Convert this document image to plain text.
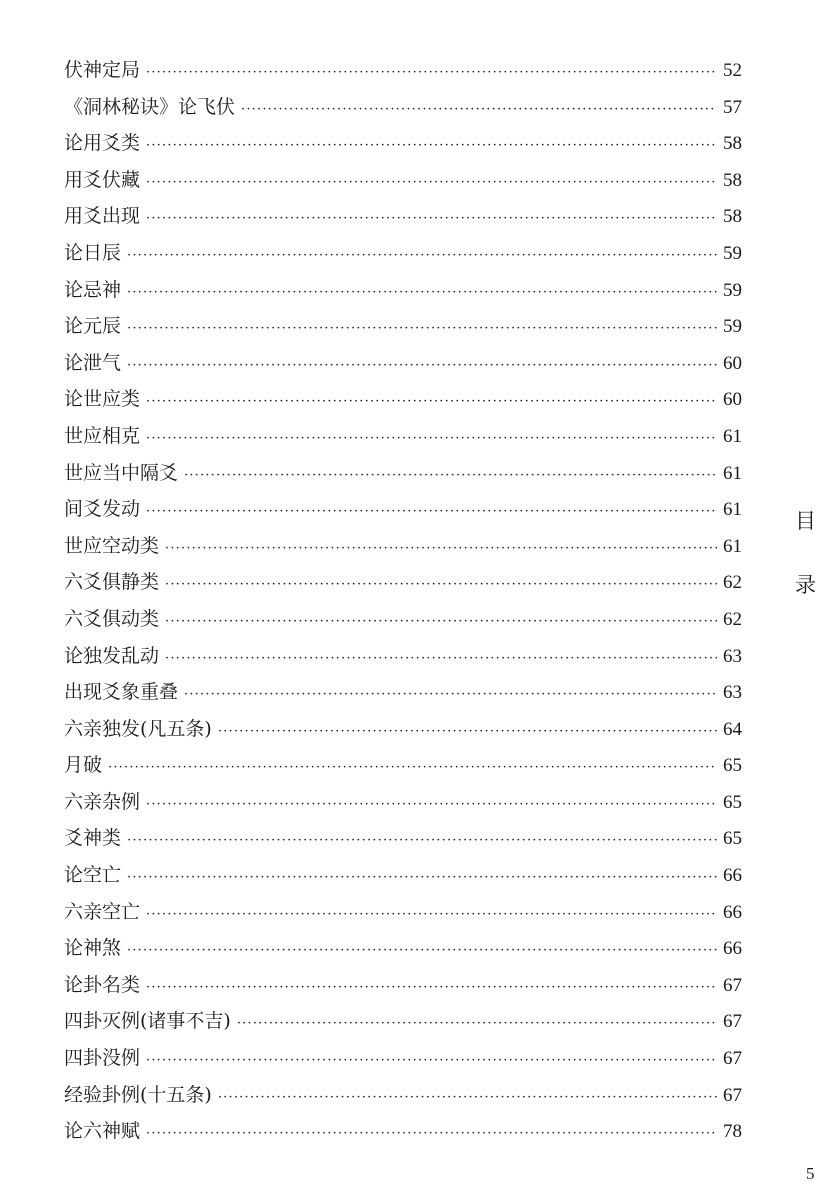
伏神定局 ·····	52
《洞林秘诀》论飞伏 ·····	57
论用爻类 ·····	58
用爻伏藏 ·····	58
用爻出现 ·····	58
论日辰 ·····	59
论忌神 ·····	59
论元辰 ·····	59
论泄气 ·····	60
论世应类 ·····	60
世应相克 ·····	61
世应当中隔爻 ·····	61
间爻发动 ·····	61
世应空动类 ·····	61
六爻俱静类 ·····	62
六爻俱动类 ·····	62
论独发乱动 ·····	63
出现爻象重叠 ·····	63
六亲独发(凡五条) ·····	64
月破 ·····	65
六亲杂例 ·····	65
爻神类 ·····	65
论空亡 ·····	66
六亲空亡 ·····	66
论神煞 ·····	66
论卦名类 ·····	67
四卦灭例(诸事不吉) ·····	67
四卦没例 ·····	67
经验卦例(十五条) ·····	67
论六神赋 ·····	78
目
录
5
